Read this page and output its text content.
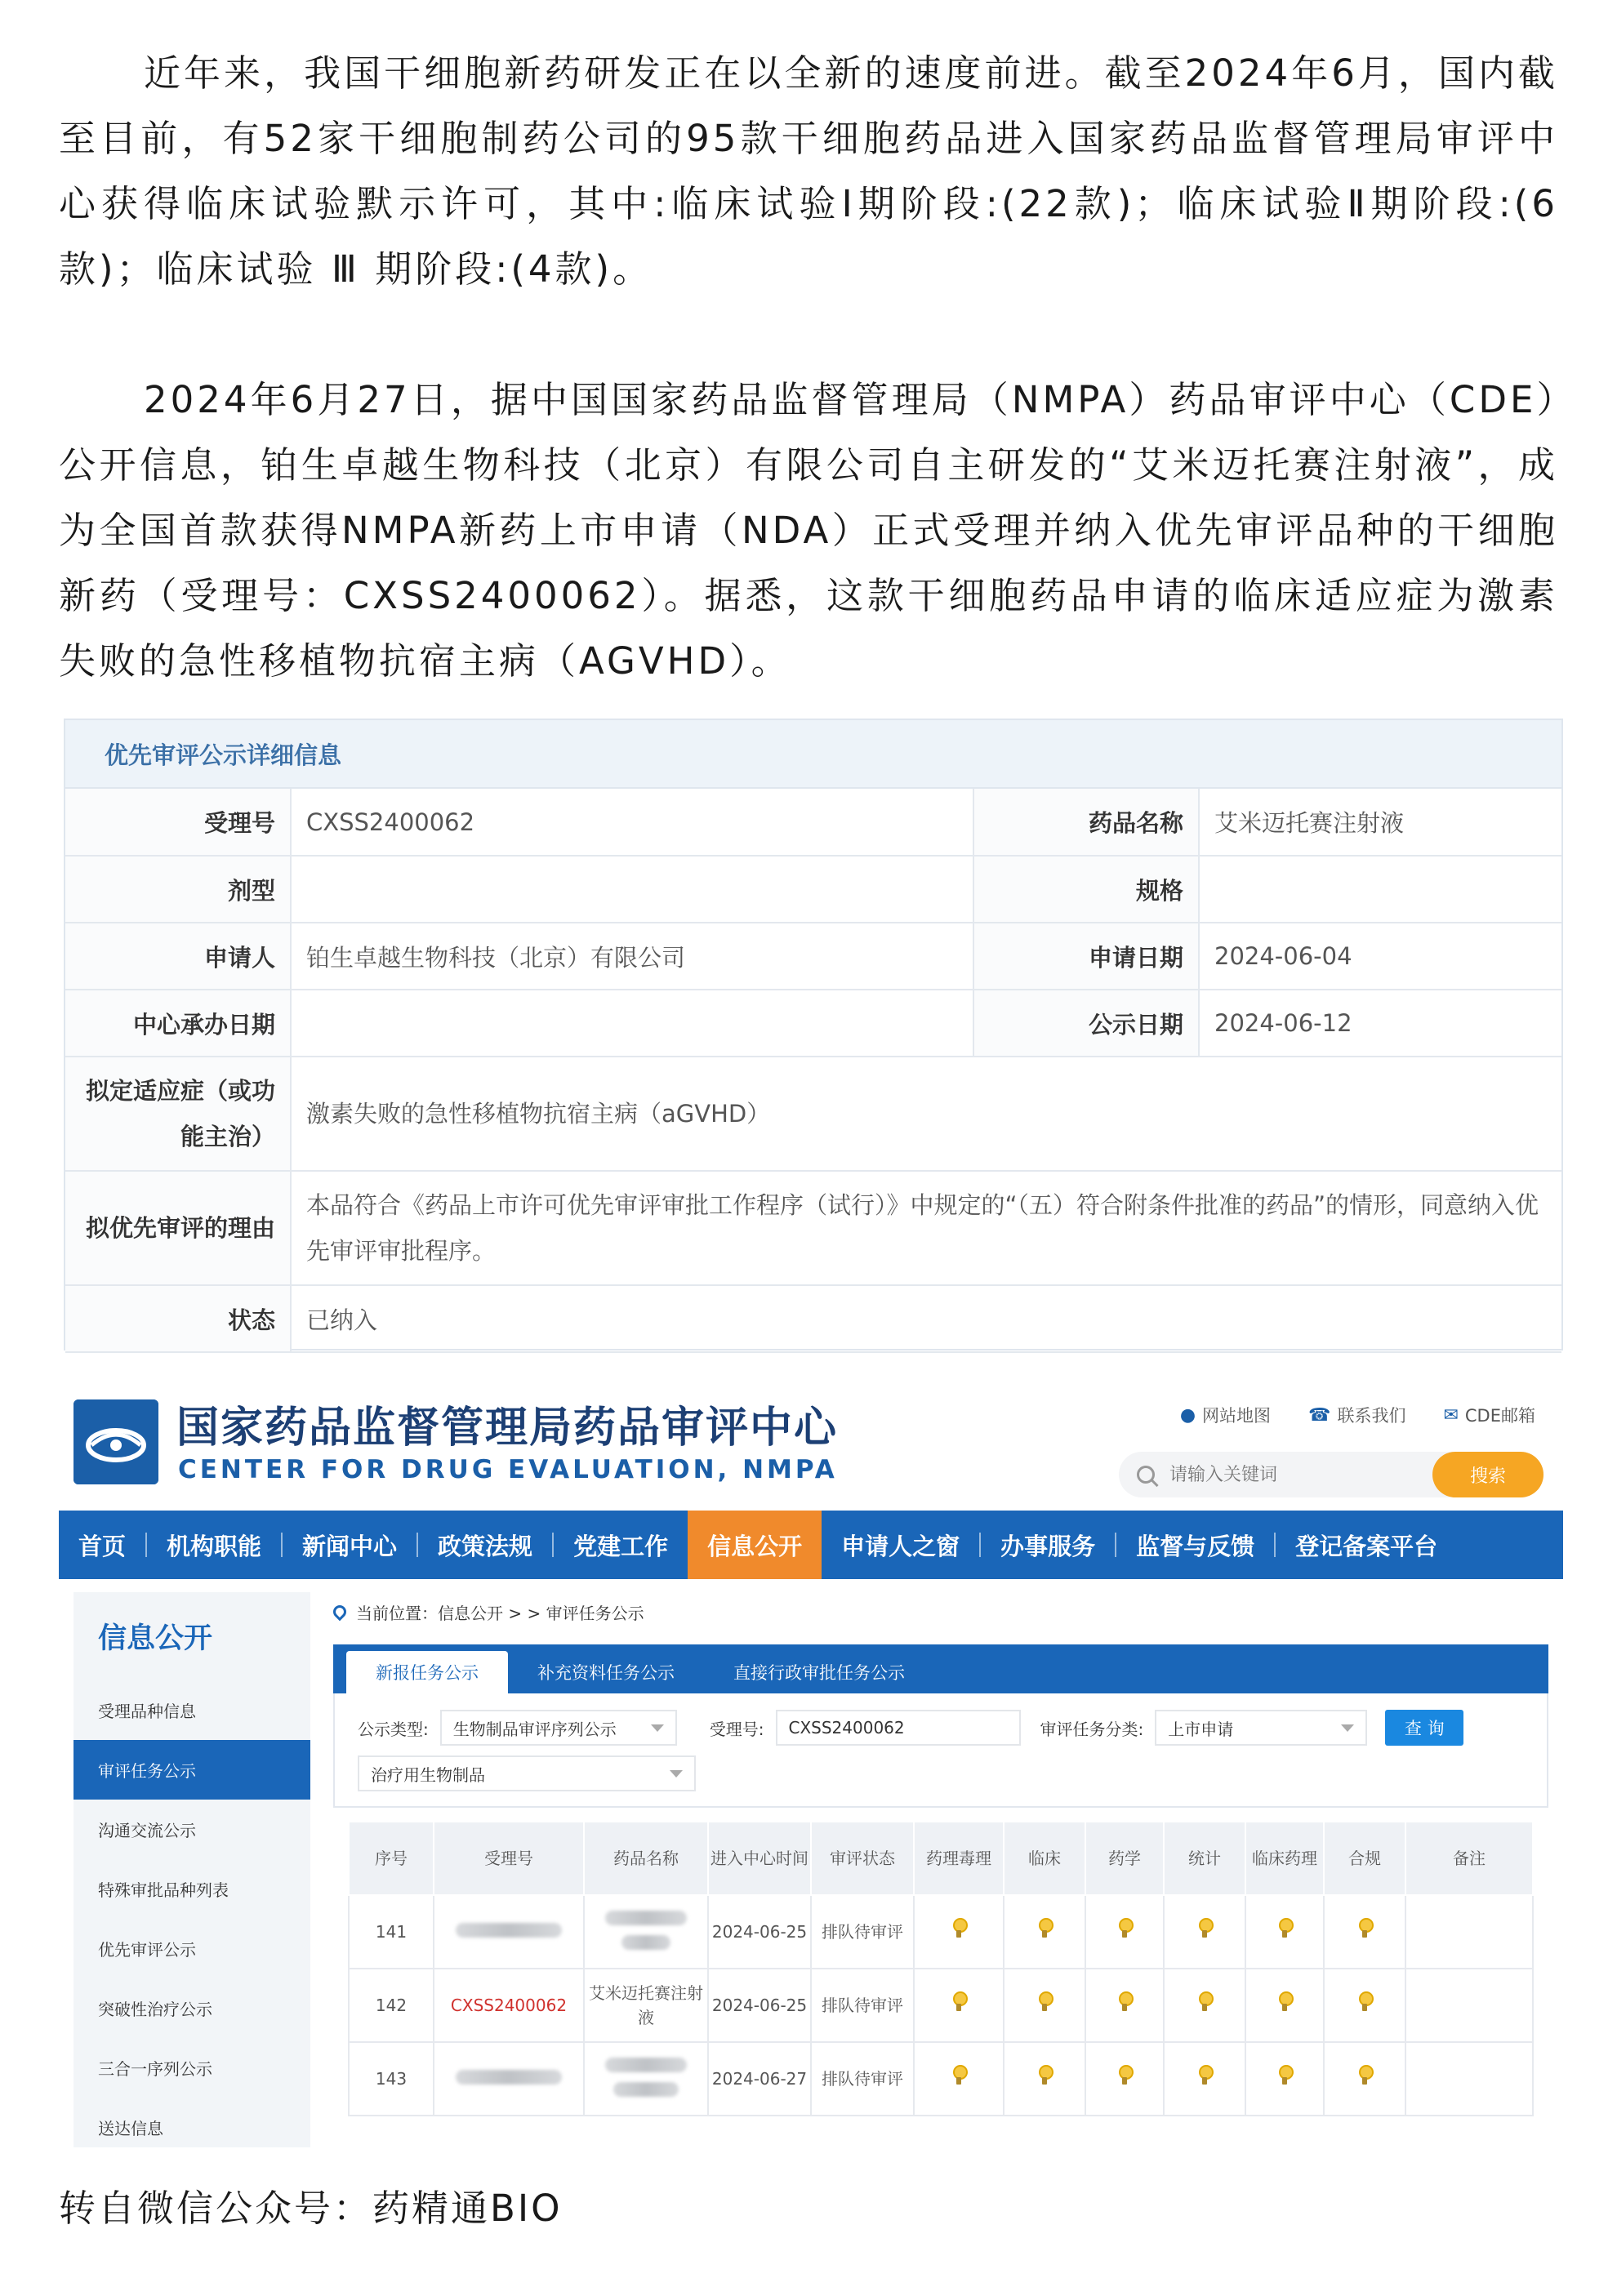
近年来，我国干细胞新药研发正在以全新的速度前进。截至2024年6月，国内截至目前，有52家干细胞制药公司的95款干细胞药品进入国家药品监督管理局审评中心获得临床试验默示许可，其中:临床试验I期阶段:(22款)；临床试验Ⅱ期阶段:(6款)；临床试验 Ⅲ 期阶段:(4款)。
2024年6月27日，据中国国家药品监督管理局（NMPA）药品审评中心（CDE）公开信息，铂生卓越生物科技（北京）有限公司自主研发的“艾米迈托赛注射液”，成为全国首款获得NMPA新药上市申请（NDA）正式受理并纳入优先审评品种的干细胞新药（受理号：CXSS2400062）。据悉，这款干细胞药品申请的临床适应症为激素失败的急性移植物抗宿主病（AGVHD）。
优先审评公示详细信息
受理号	CXSS2400062	药品名称	艾米迈托赛注射液
剂型		规格	
申请人	铂生卓越生物科技（北京）有限公司	申请日期	2024-06-04
中心承办日期		公示日期	2024-06-12
拟定适应症（或功能主治）	激素失败的急性移植物抗宿主病（aGVHD）		
拟优先审评的理由	本品符合《药品上市许可优先审评审批工作程序（试行）》中规定的“（五）符合附条件批准的药品”的情形，同意纳入优先审评审批程序。		
状态	已纳入		
国家药品监督管理局药品审评中心
CENTER FOR DRUG EVALUATION, NMPA
● 网站地图 ☎ 联系我们 ✉ CDE邮箱
请输入关键词
搜索
首页	机构职能	新闻中心	政策法规	党建工作	信息公开	申请人之窗	办事服务	监督与反馈	登记备案平台
信息公开
受理品种信息
审评任务公示
沟通交流公示
特殊审批品种列表
优先审评公示
突破性治疗公示
三合一序列公示
送达信息
当前位置：信息公开 > > 审评任务公示
新报任务公示	补充资料任务公示	直接行政审批任务公示
公示类型: 生物制品审评序列公示	受理号:	CXSS2400062	审评任务分类: 上市申请	查 询
治疗用生物制品
序号	受理号	药品名称	进入中心时间	审评状态	药理毒理	临床	药学	统计	临床药理	合规	备注
141			2024-06-25	排队待审评							
142	CXSS2400062	艾米迈托赛注射液	2024-06-25	排队待审评							
143			2024-06-27	排队待审评							
转自微信公众号：药精通BIO
